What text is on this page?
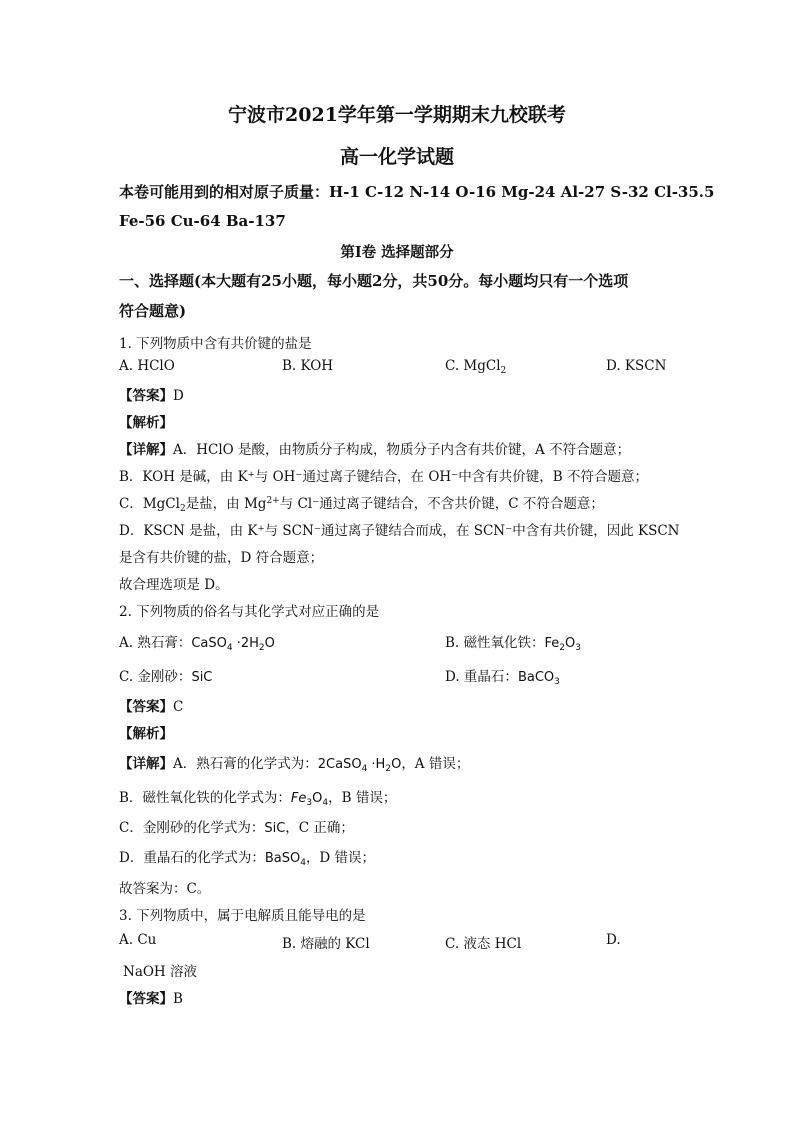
宁波市2021学年第一学期期末九校联考
高一化学试题
本卷可能用到的相对原子质量：H-1 C-12 N-14 O-16 Mg-24 Al-27 S-32 Cl-35.5
Fe-56 Cu-64 Ba-137
第Ⅰ卷 选择题部分
一、选择题(本大题有25小题，每小题2分，共50分。每小题均只有一个选项
符合题意)
1. 下列物质中含有共价键的盐是
A. HClO	B. KOH	C. MgCl$_2$	D. KSCN
【答案】D
【解析】
【详解】A．HClO 是酸，由物质分子构成，物质分子内含有共价键，A 不符合题意；
B．KOH 是碱，由 K⁺与 OH⁻通过离子键结合，在 OH⁻中含有共价键，B 不符合题意；
C．MgCl$_2$是盐，由 $Mg^{2+}$与 Cl⁻通过离子键结合，不含共价键，C 不符合题意；
D．KSCN 是盐，由 K⁺与 SCN⁻通过离子键结合而成，在 SCN⁻中含有共价键，因此 KSCN
是含有共价键的盐，D 符合题意；
故合理选项是 D。
2. 下列物质的俗名与其化学式对应正确的是
A. 熟石膏：CaSO$_4$ $\cdot 2H_2O$	B. 磁性氧化铁：$Fe_2O_3$
C. 金刚砂：SiC	D. 重晶石：BaCO$_3$
【答案】C
【解析】
【详解】A．熟石膏的化学式为：2CaSO$_4$ $\cdot H_2O$，A 错误；
B．磁性氧化铁的化学式为：$Fe_3O_4$，B 错误；
C．金刚砂的化学式为：SiC，C 正确；
D．重晶石的化学式为：BaSO$_4$，D 错误；
故答案为：C。
3. 下列物质中，属于电解质且能导电的是
A. Cu	B. 熔融的 KCl	C. 液态 HCl	D.
NaOH 溶液
【答案】B
